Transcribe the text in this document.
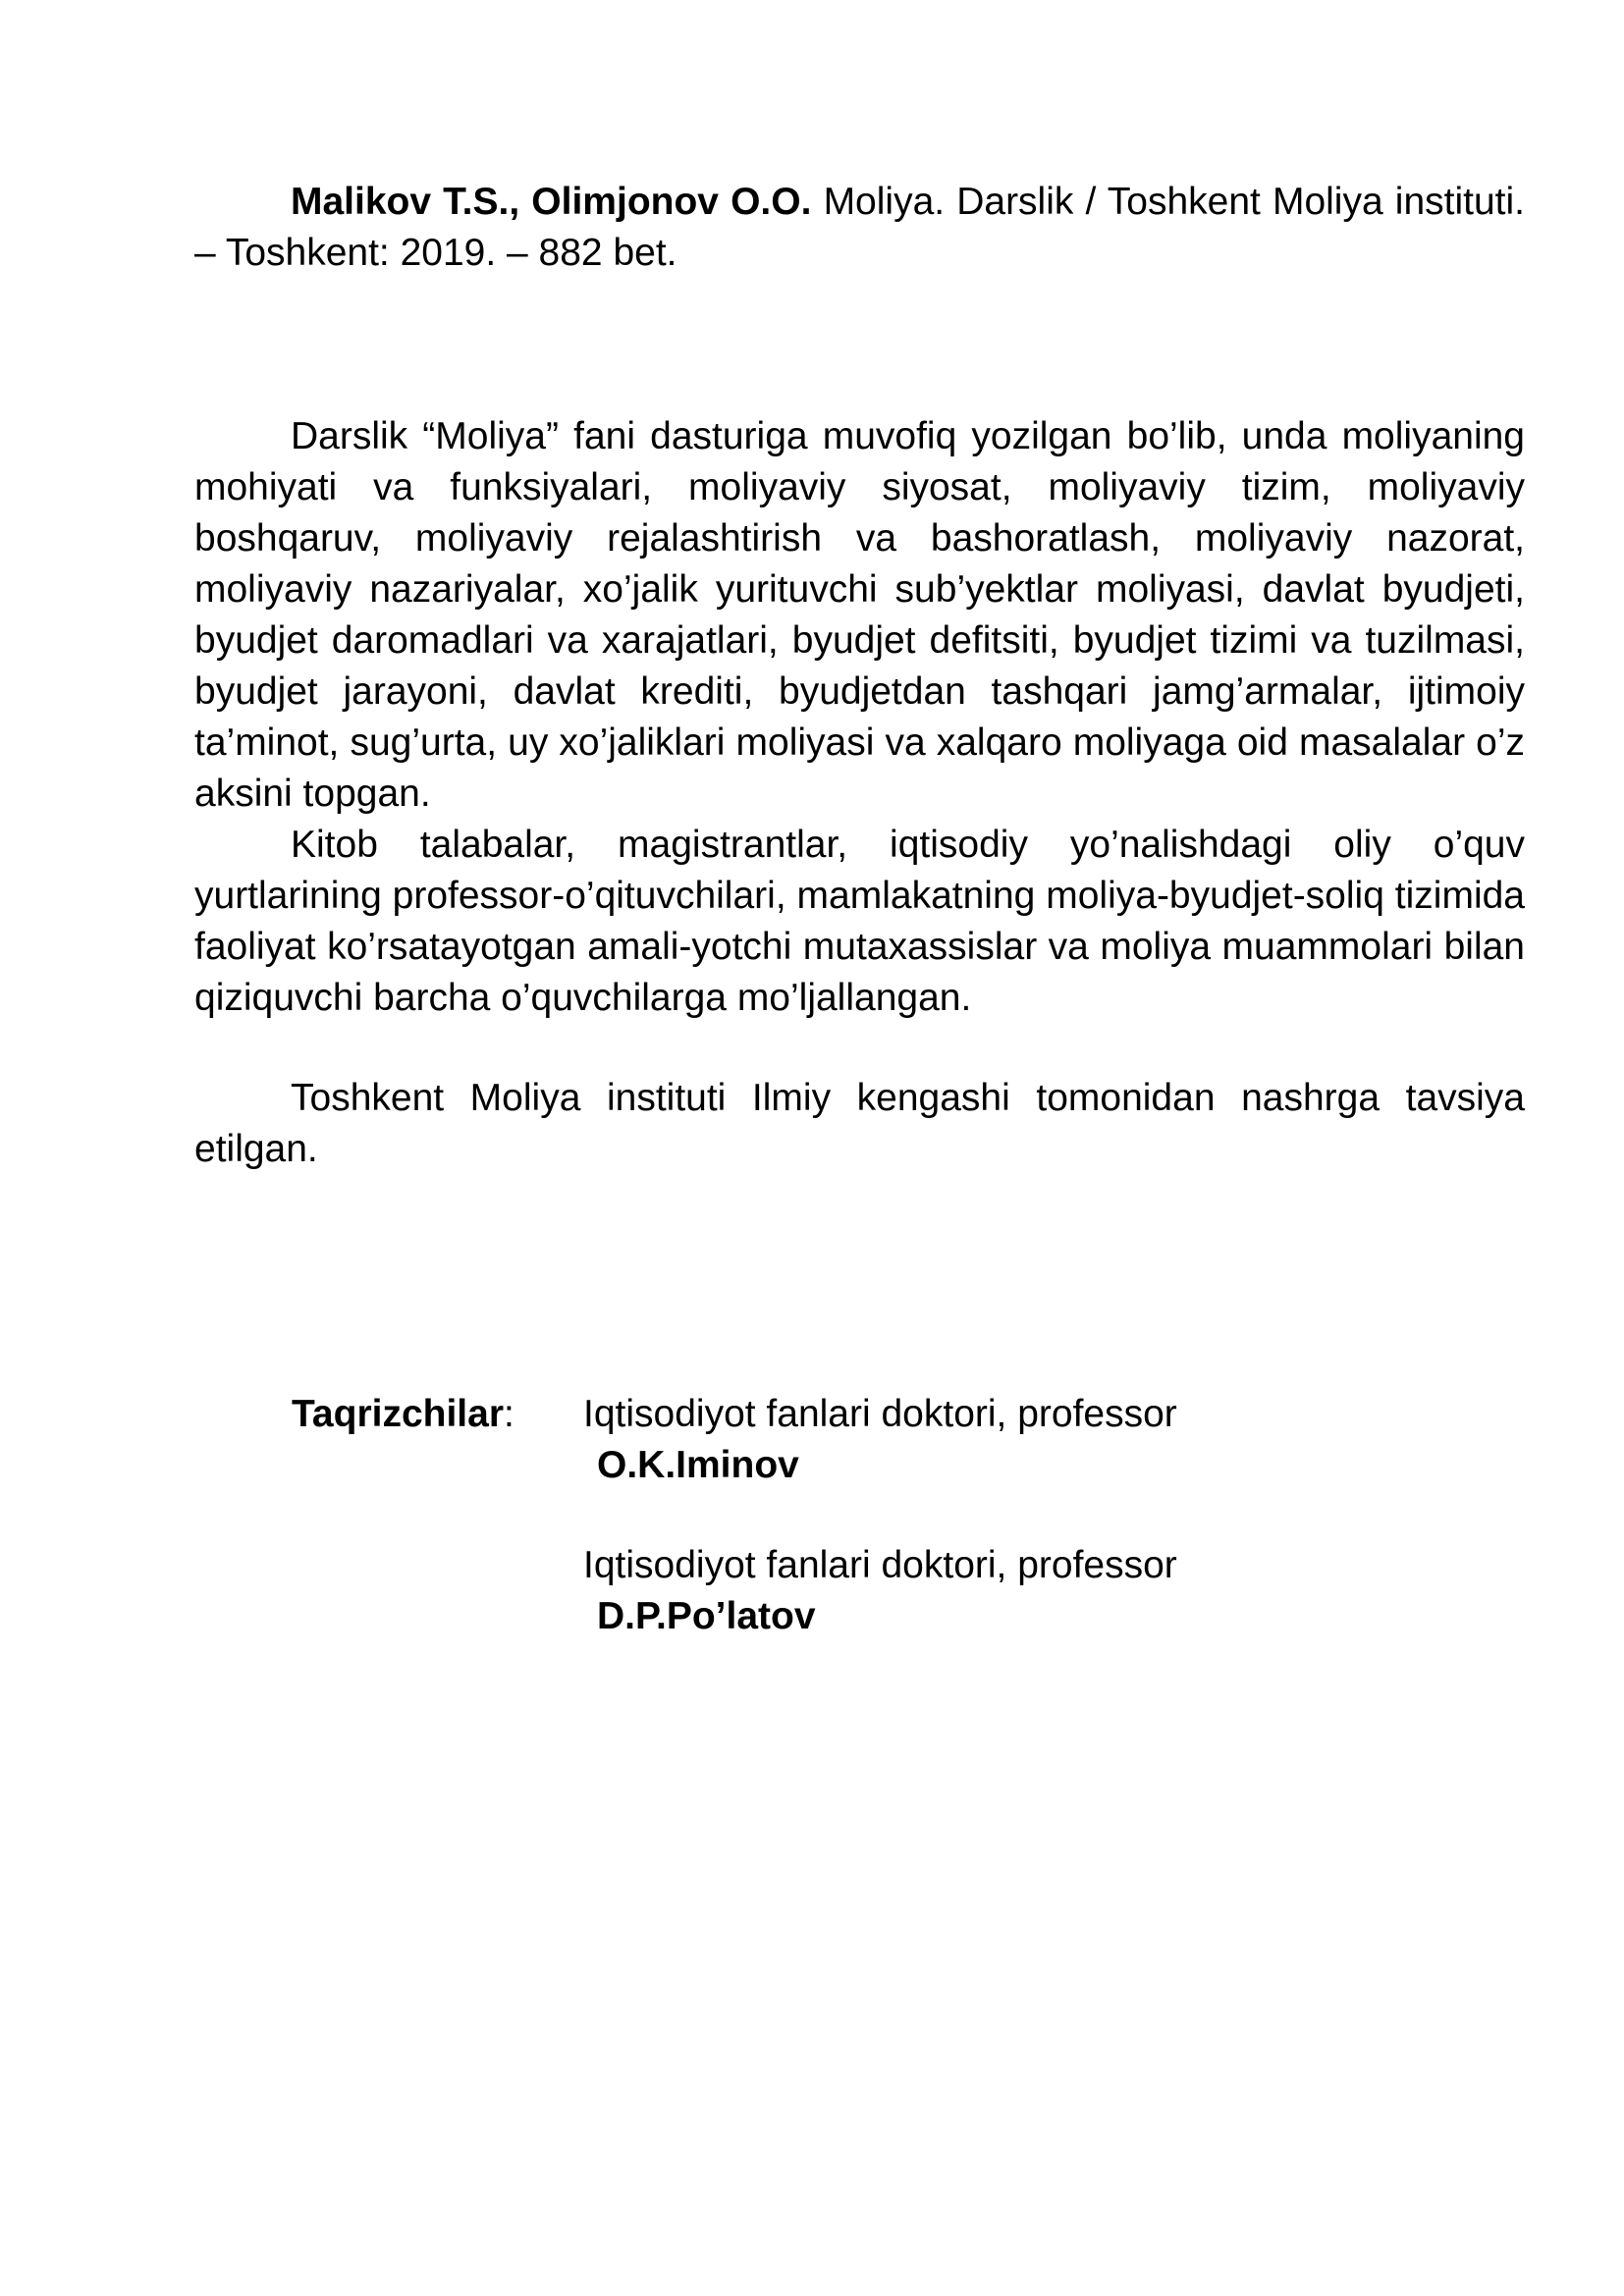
Malikov T.S., Olimjonov O.O. Moliya. Darslik / Toshkent Moliya instituti. – Toshkent: 2019. – 882 bet.

Darslik “Moliya” fani dasturiga muvofiq yozilgan bo’lib, unda moliyaning mohiyati va funksiyalari, moliyaviy siyosat, moliyaviy tizim, moliyaviy boshqaruv, moliyaviy rejalashtirish va bashoratlash, moliyaviy nazorat, moliyaviy nazariyalar, xo’jalik yurituvchi sub’yektlar moliyasi, davlat byudjeti, byudjet daromadlari va xarajatlari, byudjet defitsiti, byudjet tizimi va tuzilmasi, byudjet jarayoni, davlat krediti, byudjetdan tashqari jamg’armalar, ijtimoiy ta’minot, sug’urta, uy xo’jaliklari moliyasi va xalqaro moliyaga oid masalalar o’z aksini topgan.

Kitob talabalar, magistrantlar, iqtisodiy yo’nalishdagi oliy o’quv yurtlarining professor-o’qituvchilari, mamlakatning moliya-byudjet-soliq tizimida faoliyat ko’rsatayotgan amali-yotchi mutaxassislar va moliya muammolari bilan qiziquvchi barcha o’quvchilarga mo’ljallangan.

Toshkent Moliya instituti Ilmiy kengashi tomonidan nashrga tavsiya etilgan.

Taqrizchilar:	Iqtisodiyot fanlari doktori, professor
O.K.Iminov
Iqtisodiyot fanlari doktori, professor
D.P.Po’latov
